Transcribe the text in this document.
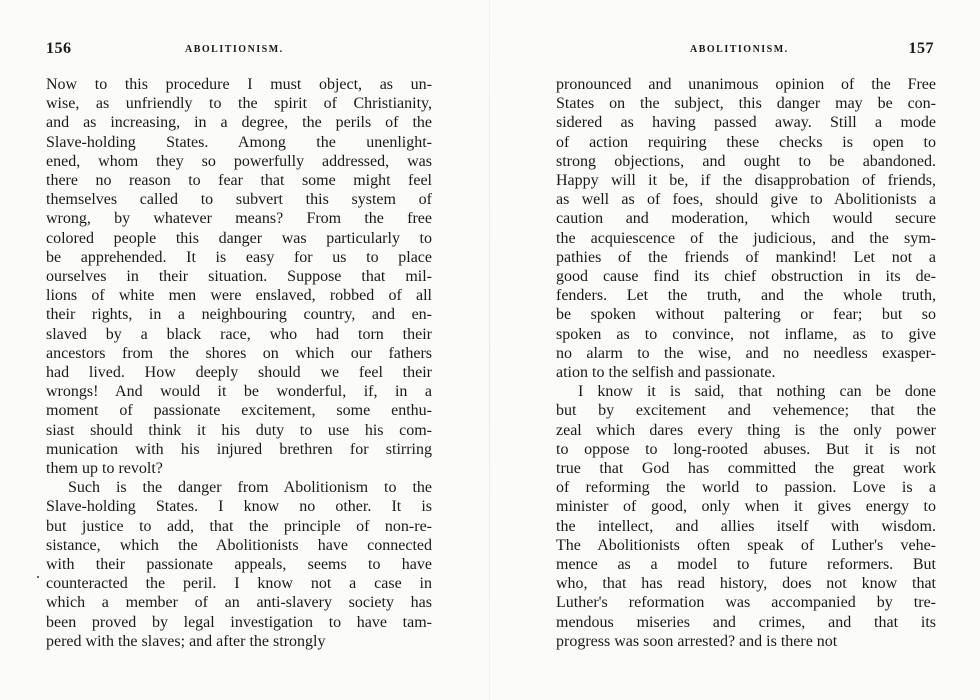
156	ABOLITIONISM.

Now to this procedure I must object, as un-

wise, as unfriendly to the spirit of Christianity,

and as increasing, in a degree, the perils of the

Slave-holding States. Among the unenlight-

ened, whom they so powerfully addressed, was

there no reason to fear that some might feel

themselves called to subvert this system of

wrong, by whatever means? From the free

colored people this danger was particularly to

be apprehended. It is easy for us to place

ourselves in their situation. Suppose that mil-

lions of white men were enslaved, robbed of all

their rights, in a neighbouring country, and en-

slaved by a black race, who had torn their

ancestors from the shores on which our fathers

had lived. How deeply should we feel their

wrongs! And would it be wonderful, if, in a

moment of passionate excitement, some enthu-

siast should think it his duty to use his com-

munication with his injured brethren for stirring

them up to revolt?

Such is the danger from Abolitionism to the

Slave-holding States. I know no other. It is

but justice to add, that the principle of non-re-

sistance, which the Abolitionists have connected

with their passionate appeals, seems to have

counteracted the peril. I know not a case in

which a member of an anti-slavery society has

been proved by legal investigation to have tam-

pered with the slaves; and after the strongly

157
ABOLITIONISM.

pronounced and unanimous opinion of the Free

States on the subject, this danger may be con-

sidered as having passed away. Still a mode

of action requiring these checks is open to

strong objections, and ought to be abandoned.

Happy will it be, if the disapprobation of friends,

as well as of foes, should give to Abolitionists a

caution and moderation, which would secure

the acquiescence of the judicious, and the sym-

pathies of the friends of mankind! Let not a

good cause find its chief obstruction in its de-

fenders. Let the truth, and the whole truth,

be spoken without paltering or fear; but so

spoken as to convince, not inflame, as to give

no alarm to the wise, and no needless exasper-

ation to the selfish and passionate.

I know it is said, that nothing can be done

but by excitement and vehemence; that the

zeal which dares every thing is the only power

to oppose to long-rooted abuses. But it is not

true that God has committed the great work

of reforming the world to passion. Love is a

minister of good, only when it gives energy to

the intellect, and allies itself with wisdom.

The Abolitionists often speak of Luther's vehe-

mence as a model to future reformers. But

who, that has read history, does not know that

Luther's reformation was accompanied by tre-

mendous miseries and crimes, and that its

progress was soon arrested? and is there not
